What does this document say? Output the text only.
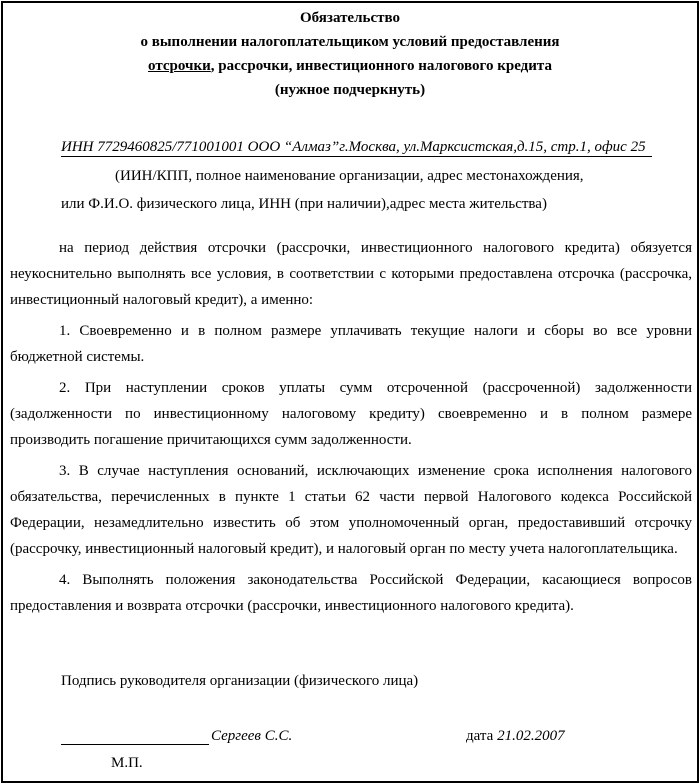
Обязательство
о выполнении налогоплательщиком условий предоставления
отсрочки, рассрочки, инвестиционного налогового кредита
(нужное подчеркнуть)
ИНН 7729460825/771001001 ООО “Алмаз”г.Москва, ул.Марксистская,д.15, стр.1, офис 25
(ИИН/КПП, полное наименование организации, адрес местонахождения,
или Ф.И.О. физического лица, ИНН (при наличии),адрес места жительства)

на период действия отсрочки (рассрочки, инвестиционного налогового кредита) обязуется неукоснительно выполнять все условия, в соответствии с которыми предоставлена отсрочка (рассрочка, инвестиционный налоговый кредит), а именно:

1. Своевременно и в полном размере уплачивать текущие налоги и сборы во все уровни бюджетной системы.

2. При наступлении сроков уплаты сумм отсроченной (рассроченной) задолженности (задолженности по инвестиционному налоговому кредиту) своевременно и в полном размере производить погашение причитающихся сумм задолженности.

3. В случае наступления оснований, исключающих изменение срока исполнения налогового обязательства, перечисленных в пункте 1 статьи 62 части первой Налогового кодекса Российской Федерации, незамедлительно известить об этом уполномоченный орган, предоставивший отсрочку (рассрочку, инвестиционный налоговый кредит), и налоговый орган по месту учета налогоплательщика.

4. Выполнять положения законодательства Российской Федерации, касающиеся вопросов предоставления и возврата отсрочки (рассрочки, инвестиционного налогового кредита).

Подпись руководителя организации (физического лица)
Сергеев С.С.	дата 21.02.2007
М.П.
